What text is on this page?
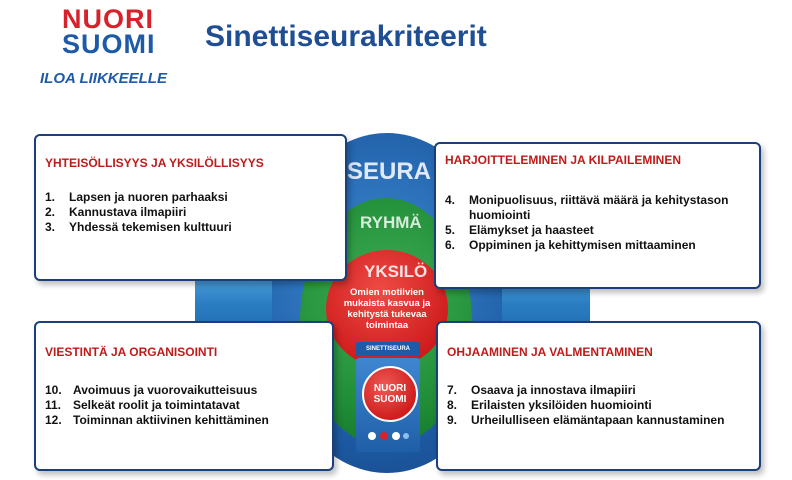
NUORI
SUOMI
ILOA LIIKKEELLE
Sinettiseurakriteerit
SEURA
RYHMÄ
YKSILÖ
Omien motiivien mukaista kasvua ja kehitystä tukevaa toimintaa
SINETTISEURA
NUORI
SUOMI
YHTEISÖLLISYYS JA YKSILÖLLISYYS
1.	Lapsen ja nuoren parhaaksi
2.	Kannustava ilmapiiri
3.	Yhdessä tekemisen kulttuuri
HARJOITTELEMINEN JA KILPAILEMINEN
4.	Monipuolisuus, riittävä määrä ja kehitystason huomiointi
5.	Elämykset ja haasteet
6.	Oppiminen ja kehittymisen mittaaminen
VIESTINTÄ JA ORGANISOINTI
10. Avoimuus ja vuorovaikutteisuus
11. Selkeät roolit ja toimintatavat
12. Toiminnan aktiivinen kehittäminen
OHJAAMINEN JA VALMENTAMINEN
7.	Osaava ja innostava ilmapiiri
8.	Erilaisten yksilöiden huomiointi
9.	Urheilulliseen elämäntapaan kannustaminen
